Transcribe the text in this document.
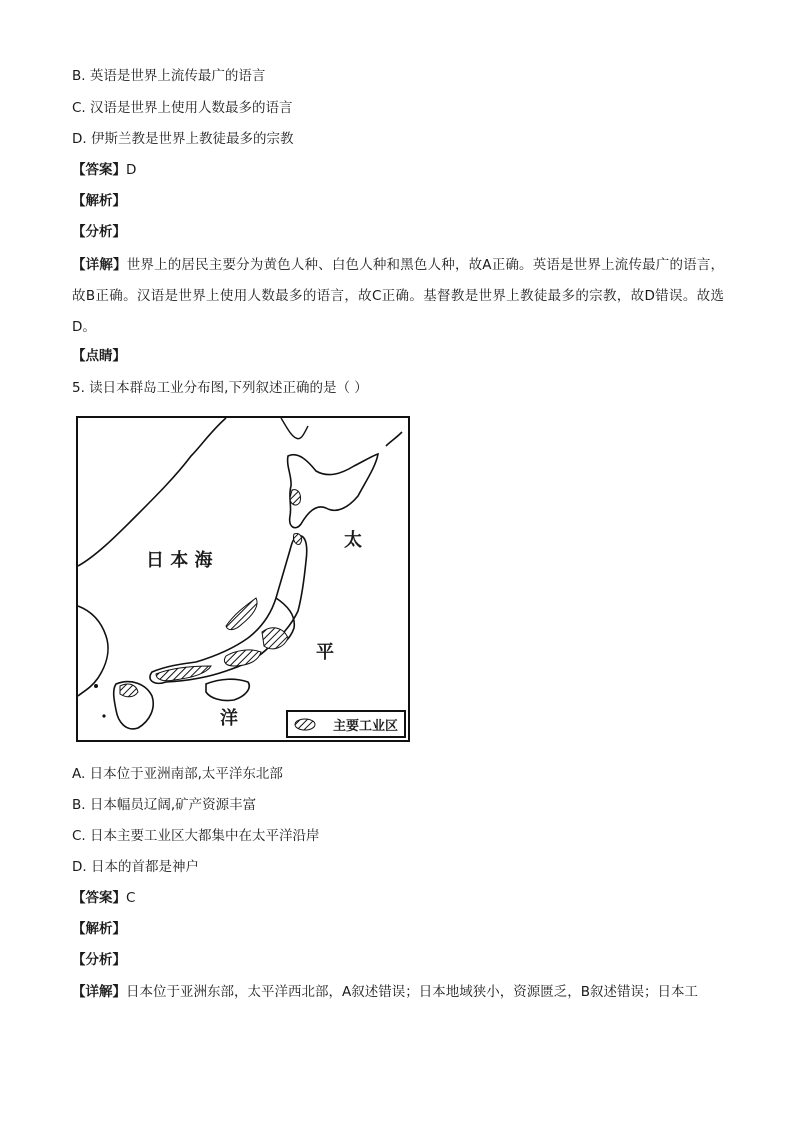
B. 英语是世界上流传最广的语言
C. 汉语是世界上使用人数最多的语言
D. 伊斯兰教是世界上教徒最多的宗教
【答案】D
【解析】
【分析】
【详解】世界上的居民主要分为黄色人种、白色人种和黑色人种，故A正确。英语是世界上流传最广的语言，故B正确。汉语是世界上使用人数最多的语言，故C正确。基督教是世界上教徒最多的宗教，故D错误。故选D。
【点睛】
5. 读日本群岛工业分布图,下列叙述正确的是（ ）
日 本 海
太
平
洋	主要工业区
A. 日本位于亚洲南部,太平洋东北部
B. 日本幅员辽阔,矿产资源丰富
C. 日本主要工业区大都集中在太平洋沿岸
D. 日本的首都是神户
【答案】C
【解析】
【分析】
【详解】日本位于亚洲东部，太平洋西北部，A叙述错误；日本地域狭小，资源匮乏，B叙述错误；日本工
